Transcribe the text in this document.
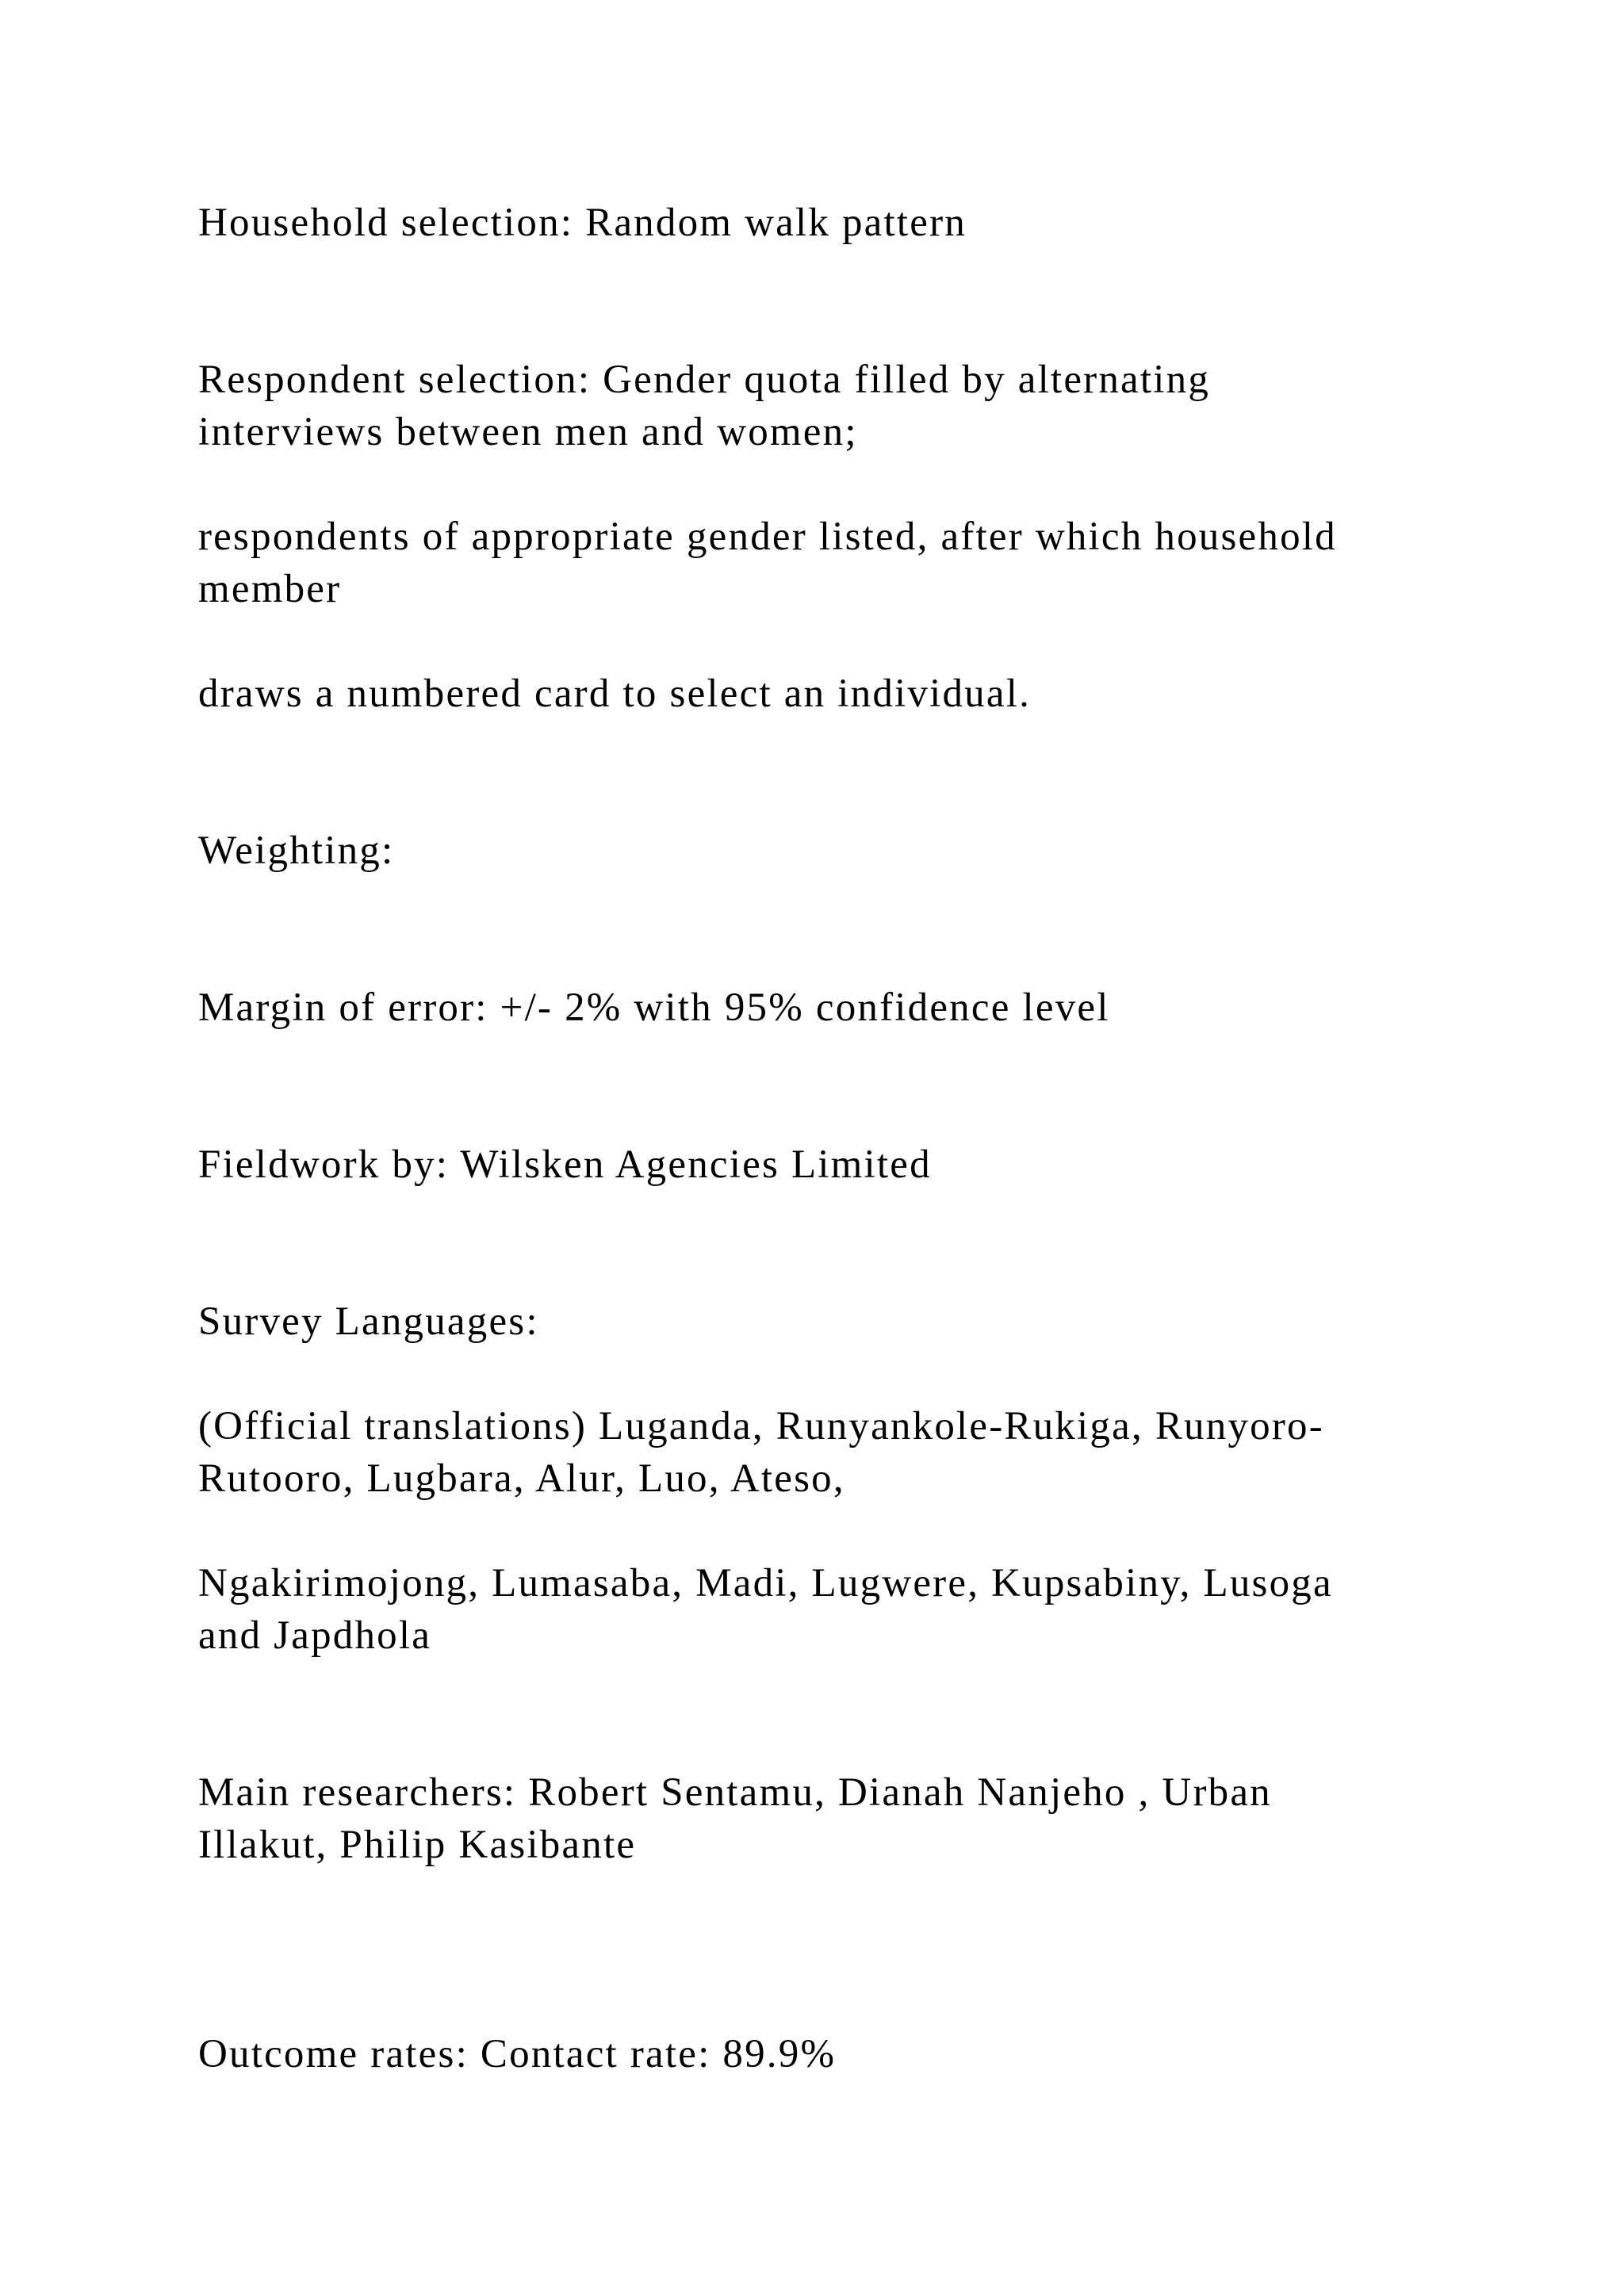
Household selection: Random walk pattern

Respondent selection: Gender quota filled by alternating

interviews between men and women;

respondents of appropriate gender listed, after which household

member

draws a numbered card to select an individual.

Weighting:

Margin of error: +/- 2% with 95% confidence level

Fieldwork by: Wilsken Agencies Limited

Survey Languages:

(Official translations) Luganda, Runyankole-Rukiga, Runyoro-

Rutooro, Lugbara, Alur, Luo, Ateso,

Ngakirimojong, Lumasaba, Madi, Lugwere, Kupsabiny, Lusoga

and Japdhola

Main researchers: Robert Sentamu, Dianah Nanjeho , Urban

Illakut, Philip Kasibante

Outcome rates: Contact rate: 89.9%
